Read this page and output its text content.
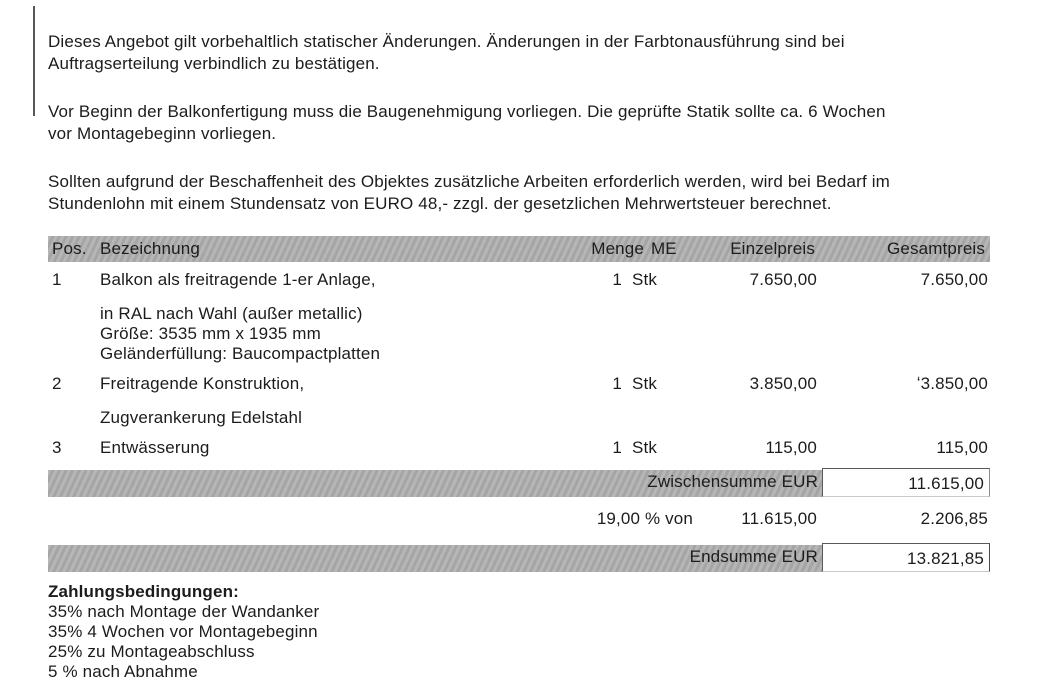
Dieses Angebot gilt vorbehaltlich statischer Änderungen. Änderungen in der Farbtonausführung sind bei
Auftragserteilung verbindlich zu bestätigen.
Vor Beginn der Balkonfertigung muss die Baugenehmigung vorliegen. Die geprüfte Statik sollte ca. 6 Wochen
vor Montagebeginn vorliegen.
Sollten aufgrund der Beschaffenheit des Objektes zusätzliche Arbeiten erforderlich werden, wird bei Bedarf im
Stundenlohn mit einem Stundensatz von EURO 48,- zzgl. der gesetzlichen Mehrwertsteuer berechnet.
Pos. Bezeichnung	Menge ME	Einzelpreis	Gesamtpreis
1 Balkon als freitragende 1-er Anlage,	1 Stk	7.650,00	7.650,00
in RAL nach Wahl (außer metallic)
Größe: 3535 mm x 1935 mm
Geländerfüllung: Baucompactplatten
2 Freitragende Konstruktion,	1 Stk	3.850,00	ʻ3.850,00
Zugverankerung Edelstahl
3 Entwässerung	1 Stk	115,00	115,00
Zwischensumme EUR	11.615,00
19,00 % von	11.615,00	2.206,85
Endsumme EUR	13.821,85
Zahlungsbedingungen:
35% nach Montage der Wandanker
35% 4 Wochen vor Montagebeginn
25% zu Montageabschluss
5 % nach Abnahme
